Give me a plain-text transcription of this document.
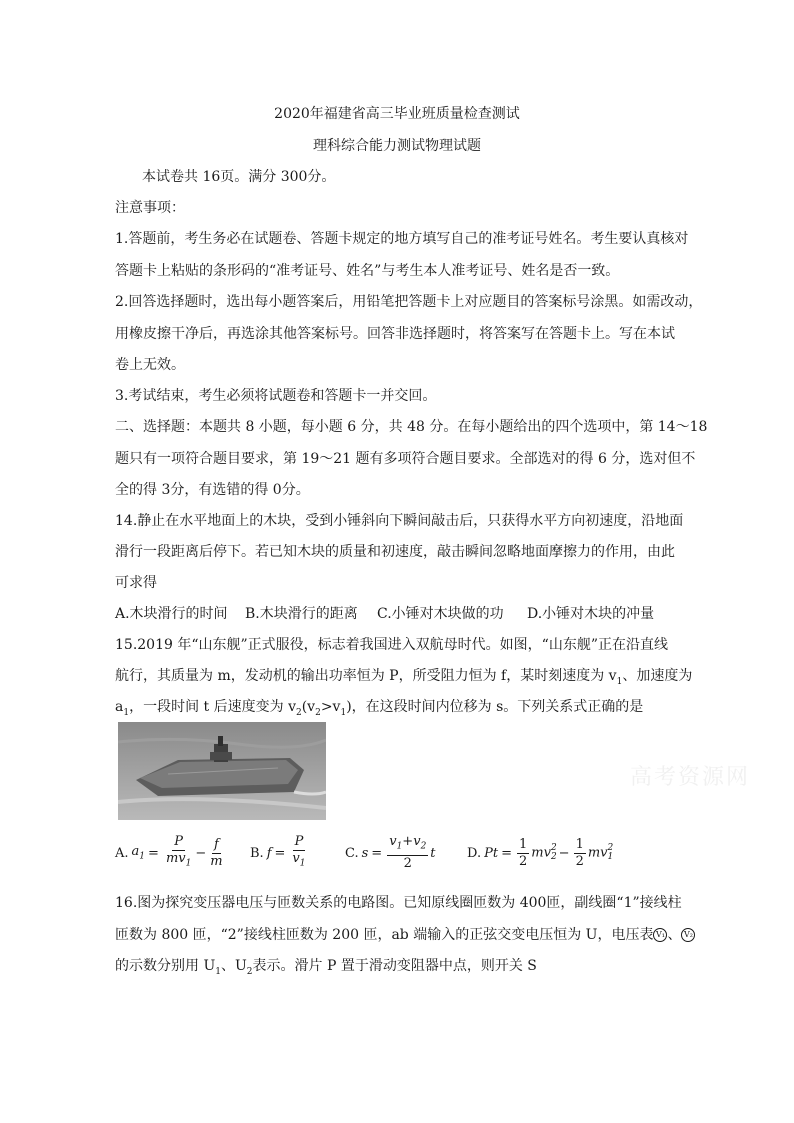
2020年福建省高三毕业班质量检查测试
理科综合能力测试物理试题
本试卷共 16页。满分 300分。
注意事项：
1.答题前，考生务必在试题卷、答题卡规定的地方填写自己的准考证号姓名。考生要认真核对
答题卡上粘贴的条形码的“准考证号、姓名”与考生本人准考证号、姓名是否一致。
2.回答选择题时，选出每小题答案后，用铅笔把答题卡上对应题目的答案标号涂黑。如需改动，
用橡皮擦干净后，再选涂其他答案标号。回答非选择题时，将答案写在答题卡上。写在本试
卷上无效。
3.考试结束，考生必须将试题卷和答题卡一并交回。
二、选择题：本题共 8 小题，每小题 6 分，共 48 分。在每小题给出的四个选项中，第 14～18
题只有一项符合题目要求，第 19～21 题有多项符合题目要求。全部选对的得 6 分，选对但不
全的得 3分，有选错的得 0分。
14.静止在水平地面上的木块，受到小锤斜向下瞬间敲击后，只获得水平方向初速度，沿地面
滑行一段距离后停下。若已知木块的质量和初速度，敲击瞬间忽略地面摩擦力的作用，由此
可求得
A.木块滑行的时间 B.木块滑行的距离 C.小锤对木块做的功 D.小锤对木块的冲量
15.2019 年“山东舰”正式服役，标志着我国进入双航母时代。如图，“山东舰”正在沿直线
航行，其质量为 m，发动机的输出功率恒为 P，所受阻力恒为 f，某时刻速度为 $v_1$、加速度为
$a_1$，一段时间 t 后速度变为 $v_2(v_2>v_1)$，在这段时间内位移为 s。下列关系式正确的是
高考资源网
A. $a_1 = \frac{P}{mv_1} - \frac{f}{m} B$. $f = \frac{P}{v_1}$	C. $s = \frac{v_1+v_2}{2}$ t D. $Pt = \frac{1}{2}$ mv 2
$2 - \frac{1}{2}$ mv 2
1
16.图为探究变压器电压与匝数关系的电路图。已知原线圈匝数为 400匝，副线圈“1”接线柱
匝数为 800 匝，“2”接线柱匝数为 200 匝，ab 端输入的正弦交变电压恒为 U，电压表 V₁ 、 V₂
的示数分别用 $U_1$、$U_2$表示。滑片 P 置于滑动变阻器中点，则开关 S
